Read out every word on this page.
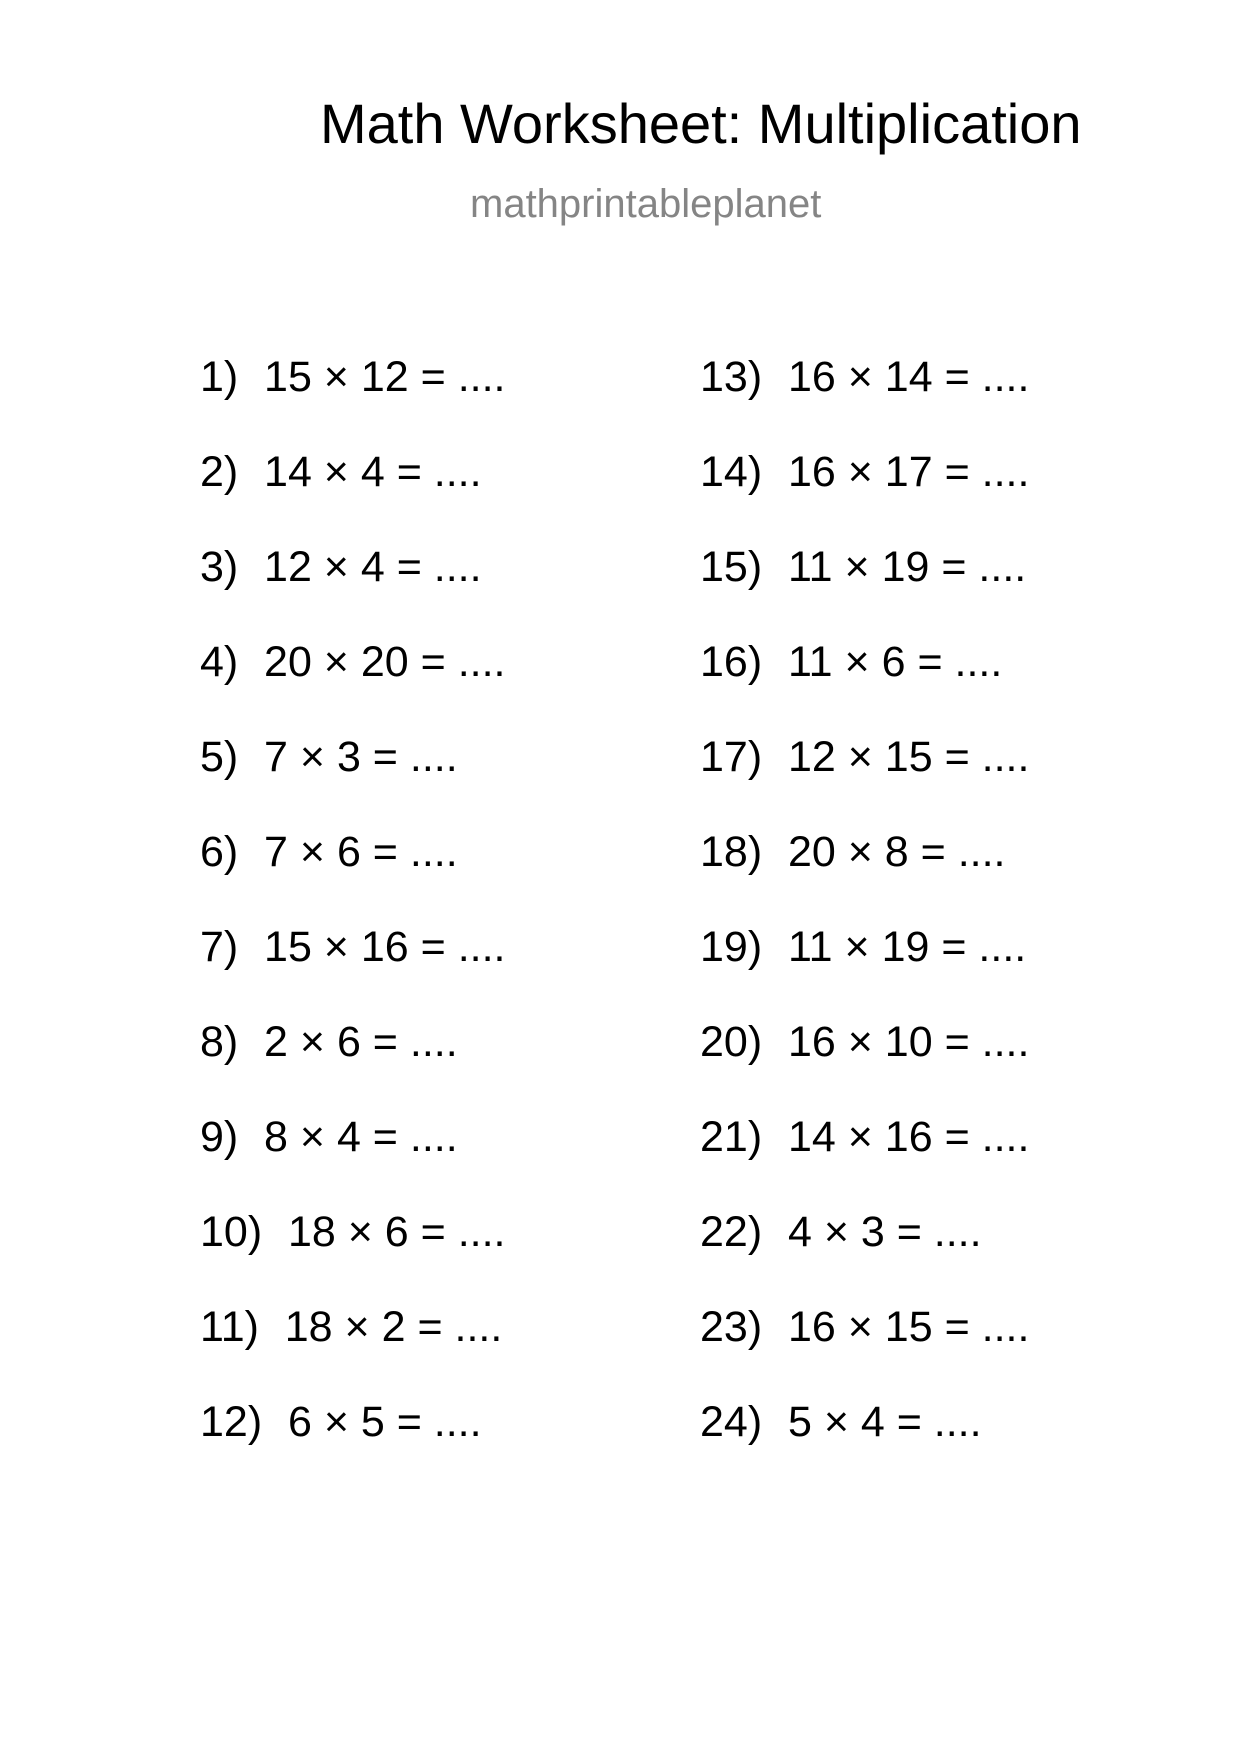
Math Worksheet: Multiplication
mathprintableplanet
1) 15 × 12 = ....
2) 14 × 4 = ....
3) 12 × 4 = ....
4) 20 × 20 = ....
5) 7 × 3 = ....
6) 7 × 6 = ....
7) 15 × 16 = ....
8) 2 × 6 = ....
9) 8 × 4 = ....
10) 18 × 6 = ....
11) 18 × 2 = ....
12) 6 × 5 = ....
13) 16 × 14 = ....
14) 16 × 17 = ....
15) 11 × 19 = ....
16) 11 × 6 = ....
17) 12 × 15 = ....
18) 20 × 8 = ....
19) 11 × 19 = ....
20) 16 × 10 = ....
21) 14 × 16 = ....
22) 4 × 3 = ....
23) 16 × 15 = ....
24) 5 × 4 = ....
